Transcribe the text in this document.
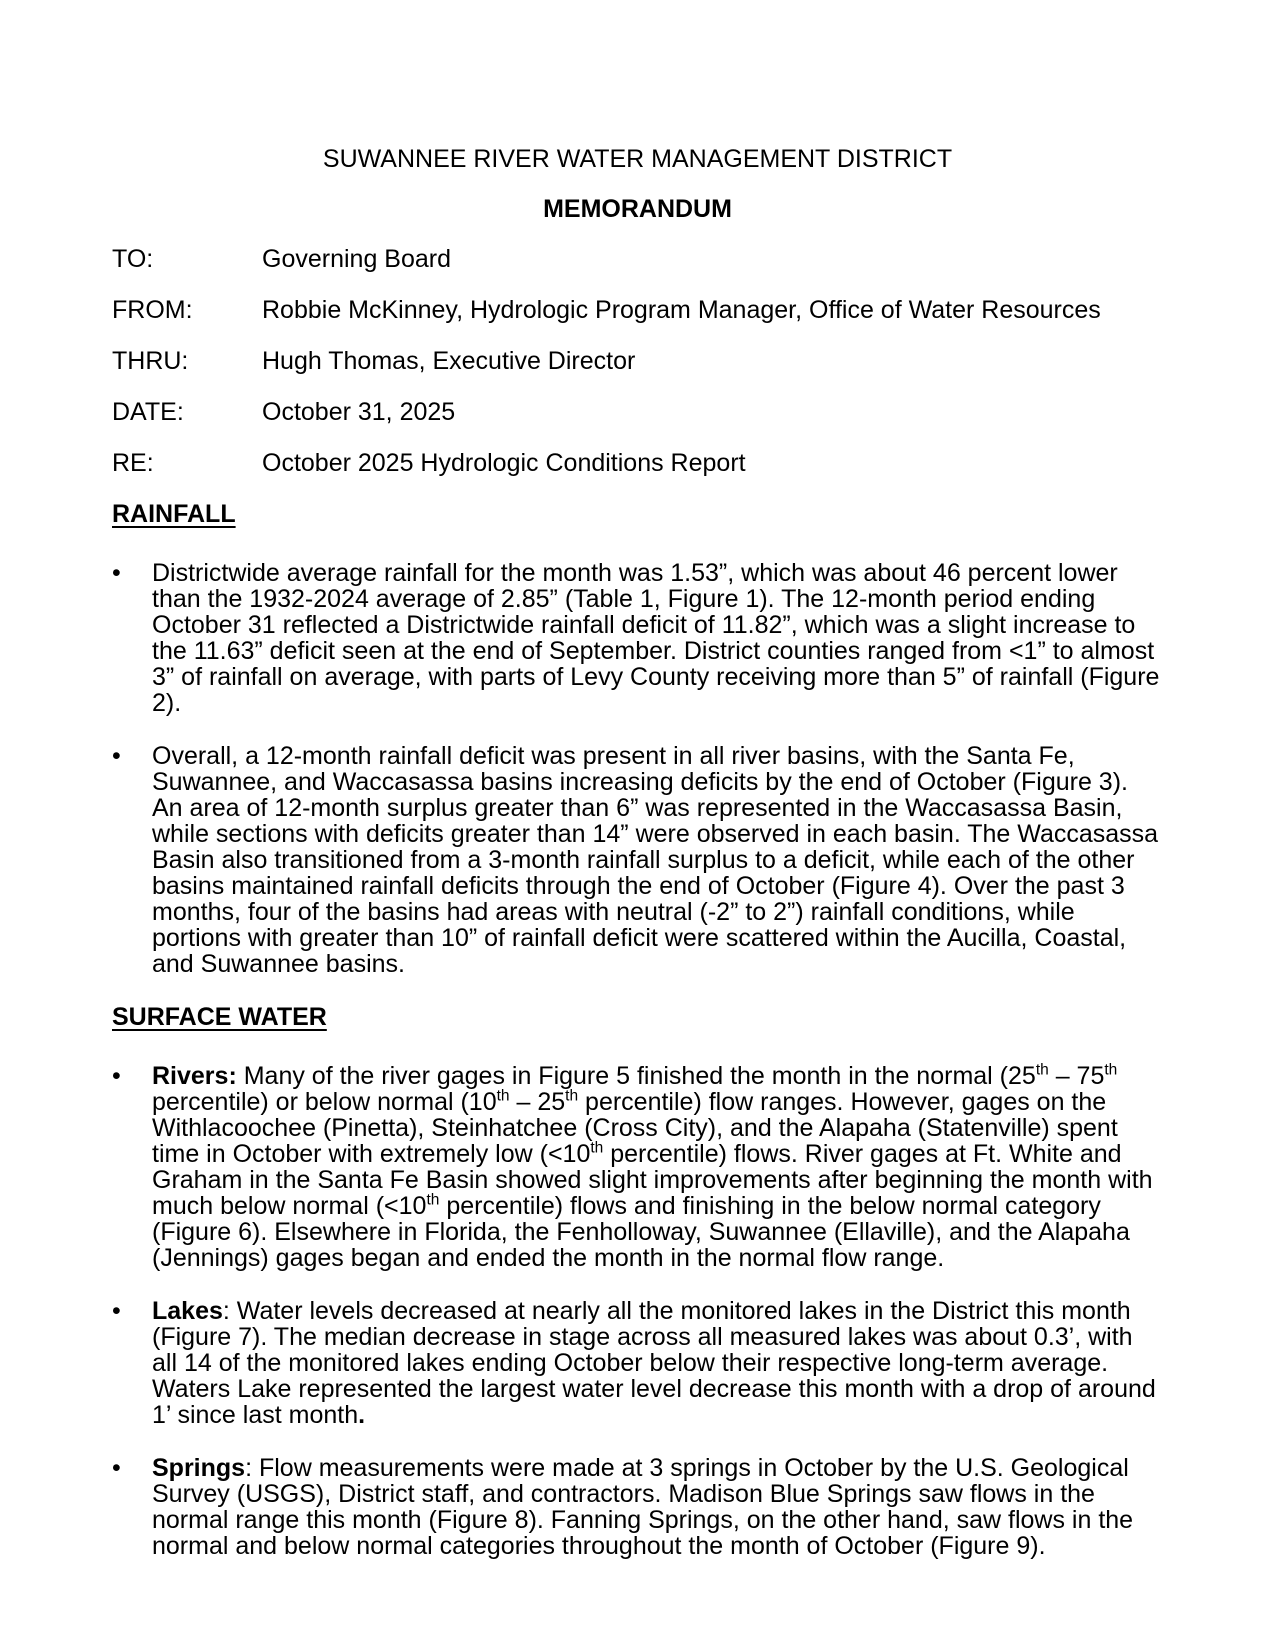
SUWANNEE RIVER WATER MANAGEMENT DISTRICT
MEMORANDUM
TO:	Governing Board
FROM:	Robbie McKinney, Hydrologic Program Manager, Office of Water Resources
THRU:	Hugh Thomas, Executive Director
DATE:	October 31, 2025
RE:	October 2025 Hydrologic Conditions Report
RAINFALL
•	Districtwide average rainfall for the month was 1.53”, which was about 46 percent lower than the 1932-2024 average of 2.85” (Table 1, Figure 1). The 12-month period ending October 31 reflected a Districtwide rainfall deficit of 11.82”, which was a slight increase to the 11.63” deficit seen at the end of September. District counties ranged from <1” to almost 3” of rainfall on average, with parts of Levy County receiving more than 5” of rainfall (Figure 2).
•	Overall, a 12-month rainfall deficit was present in all river basins, with the Santa Fe, Suwannee, and Waccasassa basins increasing deficits by the end of October (Figure 3). An area of 12-month surplus greater than 6” was represented in the Waccasassa Basin, while sections with deficits greater than 14” were observed in each basin. The Waccasassa Basin also transitioned from a 3-month rainfall surplus to a deficit, while each of the other basins maintained rainfall deficits through the end of October (Figure 4). Over the past 3 months, four of the basins had areas with neutral (-2” to 2”) rainfall conditions, while portions with greater than 10” of rainfall deficit were scattered within the Aucilla, Coastal, and Suwannee basins.
SURFACE WATER
•	Rivers: Many of the river gages in Figure 5 finished the month in the normal (25th – 75th percentile) or below normal (10th – 25th percentile) flow ranges. However, gages on the Withlacoochee (Pinetta), Steinhatchee (Cross City), and the Alapaha (Statenville) spent time in October with extremely low (<10th percentile) flows. River gages at Ft. White and Graham in the Santa Fe Basin showed slight improvements after beginning the month with much below normal (<10th percentile) flows and finishing in the below normal category (Figure 6). Elsewhere in Florida, the Fenholloway, Suwannee (Ellaville), and the Alapaha (Jennings) gages began and ended the month in the normal flow range.
•	Lakes: Water levels decreased at nearly all the monitored lakes in the District this month (Figure 7). The median decrease in stage across all measured lakes was about 0.3’, with all 14 of the monitored lakes ending October below their respective long-term average. Waters Lake represented the largest water level decrease this month with a drop of around 1’ since last month.
•	Springs: Flow measurements were made at 3 springs in October by the U.S. Geological Survey (USGS), District staff, and contractors. Madison Blue Springs saw flows in the normal range this month (Figure 8). Fanning Springs, on the other hand, saw flows in the normal and below normal categories throughout the month of October (Figure 9).
